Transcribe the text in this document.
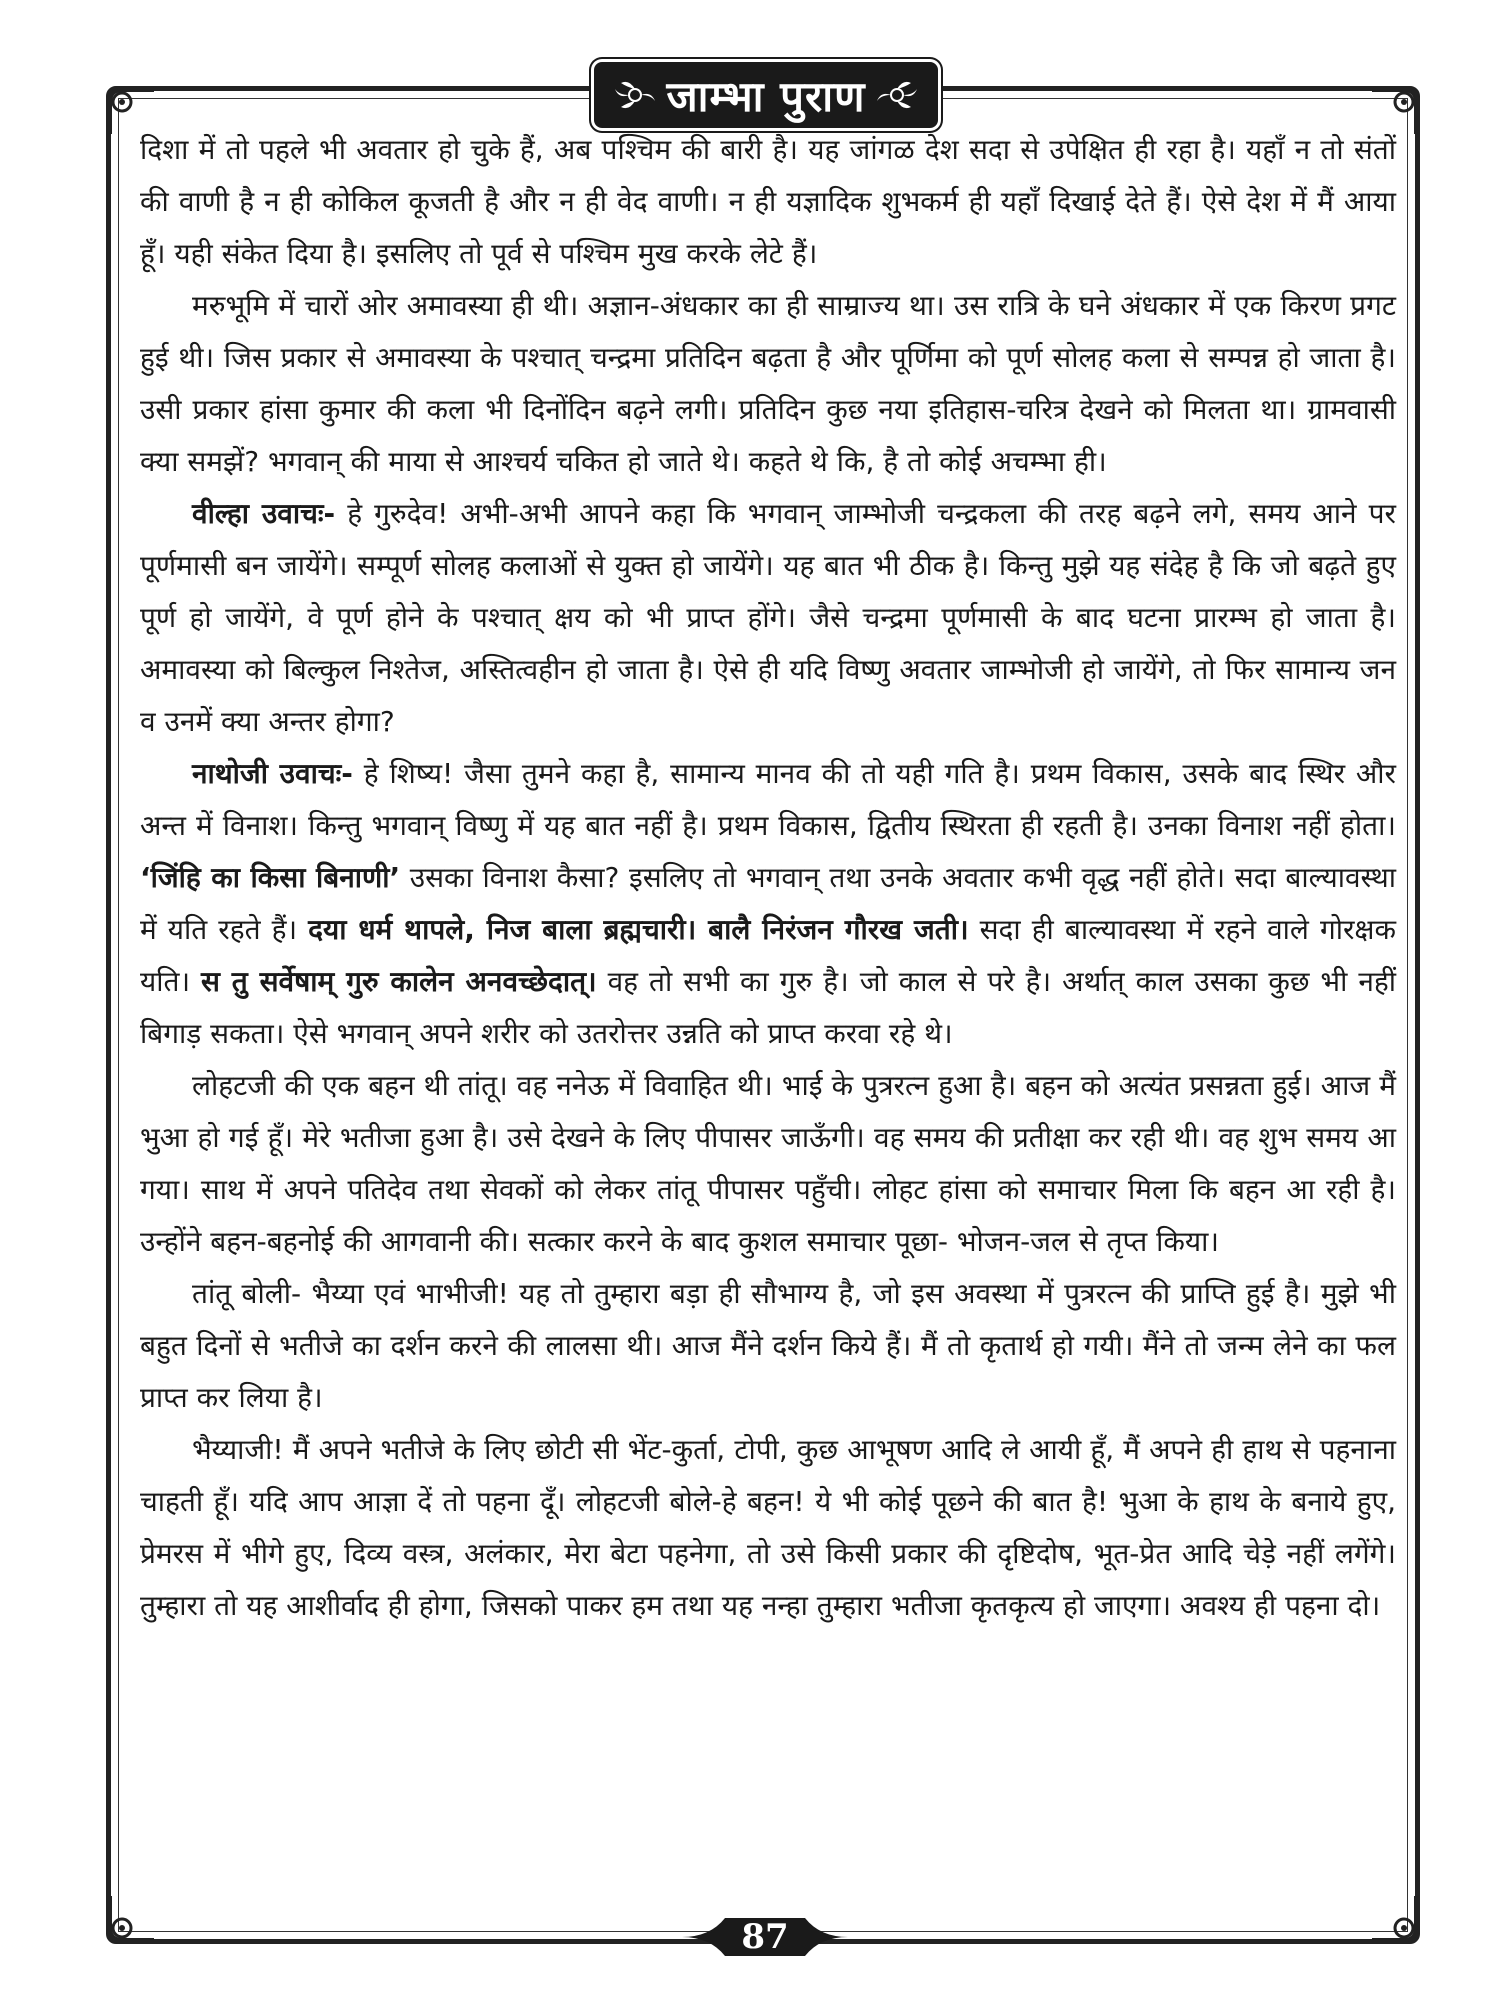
जाम्भा पुराण

दिशा में तो पहले भी अवतार हो चुके हैं, अब पश्चिम की बारी है। यह जांगळ देश सदा से उपेक्षित ही रहा है। यहाँ न तो संतों की वाणी है न ही कोकिल कूजती है और न ही वेद वाणी। न ही यज्ञादिक शुभकर्म ही यहाँ दिखाई देते हैं। ऐसे देश में मैं आया हूँ। यही संकेत दिया है। इसलिए तो पूर्व से पश्चिम मुख करके लेटे हैं।

मरुभूमि में चारों ओर अमावस्या ही थी। अज्ञान-अंधकार का ही साम्राज्य था। उस रात्रि के घने अंधकार में एक किरण प्रगट हुई थी। जिस प्रकार से अमावस्या के पश्चात् चन्द्रमा प्रतिदिन बढ़ता है और पूर्णिमा को पूर्ण सोलह कला से सम्पन्न हो जाता है। उसी प्रकार हांसा कुमार की कला भी दिनोंदिन बढ़ने लगी। प्रतिदिन कुछ नया इतिहास-चरित्र देखने को मिलता था। ग्रामवासी क्या समझें? भगवान् की माया से आश्चर्य चकित हो जाते थे। कहते थे कि, है तो कोई अचम्भा ही।

वील्हा उवाचः- हे गुरुदेव! अभी-अभी आपने कहा कि भगवान् जाम्भोजी चन्द्रकला की तरह बढ़ने लगे, समय आने पर पूर्णमासी बन जायेंगे। सम्पूर्ण सोलह कलाओं से युक्त हो जायेंगे। यह बात भी ठीक है। किन्तु मुझे यह संदेह है कि जो बढ़ते हुए पूर्ण हो जायेंगे, वे पूर्ण होने के पश्चात् क्षय को भी प्राप्त होंगे। जैसे चन्द्रमा पूर्णमासी के बाद घटना प्रारम्भ हो जाता है। अमावस्या को बिल्कुल निश्तेज, अस्तित्वहीन हो जाता है। ऐसे ही यदि विष्णु अवतार जाम्भोजी हो जायेंगे, तो फिर सामान्य जन व उनमें क्या अन्तर होगा?

नाथोजी उवाचः- हे शिष्य! जैसा तुमने कहा है, सामान्य मानव की तो यही गति है। प्रथम विकास, उसके बाद स्थिर और अन्त में विनाश। किन्तु भगवान् विष्णु में यह बात नहीं है। प्रथम विकास, द्वितीय स्थिरता ही रहती है। उनका विनाश नहीं होता। ‘जिंहि का किसा बिनाणी’ उसका विनाश कैसा? इसलिए तो भगवान् तथा उनके अवतार कभी वृद्ध नहीं होते। सदा बाल्यावस्था में यति रहते हैं। दया धर्म थापले, निज बाला ब्रह्मचारी। बालै निरंजन गौरख जती। सदा ही बाल्यावस्था में रहने वाले गोरक्षक यति। स तु सर्वेषाम् गुरु कालेन अनवच्छेदात्। वह तो सभी का गुरु है। जो काल से परे है। अर्थात् काल उसका कुछ भी नहीं बिगाड़ सकता। ऐसे भगवान् अपने शरीर को उतरोत्तर उन्नति को प्राप्त करवा रहे थे।

लोहटजी की एक बहन थी तांतू। वह ननेऊ में विवाहित थी। भाई के पुत्ररत्न हुआ है। बहन को अत्यंत प्रसन्नता हुई। आज मैं भुआ हो गई हूँ। मेरे भतीजा हुआ है। उसे देखने के लिए पीपासर जाऊँगी। वह समय की प्रतीक्षा कर रही थी। वह शुभ समय आ गया। साथ में अपने पतिदेव तथा सेवकों को लेकर तांतू पीपासर पहुँची। लोहट हांसा को समाचार मिला कि बहन आ रही है। उन्होंने बहन-बहनोई की आगवानी की। सत्कार करने के बाद कुशल समाचार पूछा- भोजन-जल से तृप्त किया।

तांतू बोली- भैय्या एवं भाभीजी! यह तो तुम्हारा बड़ा ही सौभाग्य है, जो इस अवस्था में पुत्ररत्न की प्राप्ति हुई है। मुझे भी बहुत दिनों से भतीजे का दर्शन करने की लालसा थी। आज मैंने दर्शन किये हैं। मैं तो कृतार्थ हो गयी। मैंने तो जन्म लेने का फल प्राप्त कर लिया है।

भैय्याजी! मैं अपने भतीजे के लिए छोटी सी भेंट-कुर्ता, टोपी, कुछ आभूषण आदि ले आयी हूँ, मैं अपने ही हाथ से पहनाना चाहती हूँ। यदि आप आज्ञा दें तो पहना दूँ। लोहटजी बोले-हे बहन! ये भी कोई पूछने की बात है! भुआ के हाथ के बनाये हुए, प्रेमरस में भीगे हुए, दिव्य वस्त्र, अलंकार, मेरा बेटा पहनेगा, तो उसे किसी प्रकार की दृष्टिदोष, भूत-प्रेत आदि चेड़े नहीं लगेंगे। तुम्हारा तो यह आशीर्वाद ही होगा, जिसको पाकर हम तथा यह नन्हा तुम्हारा भतीजा कृतकृत्य हो जाएगा। अवश्य ही पहना दो।

87
